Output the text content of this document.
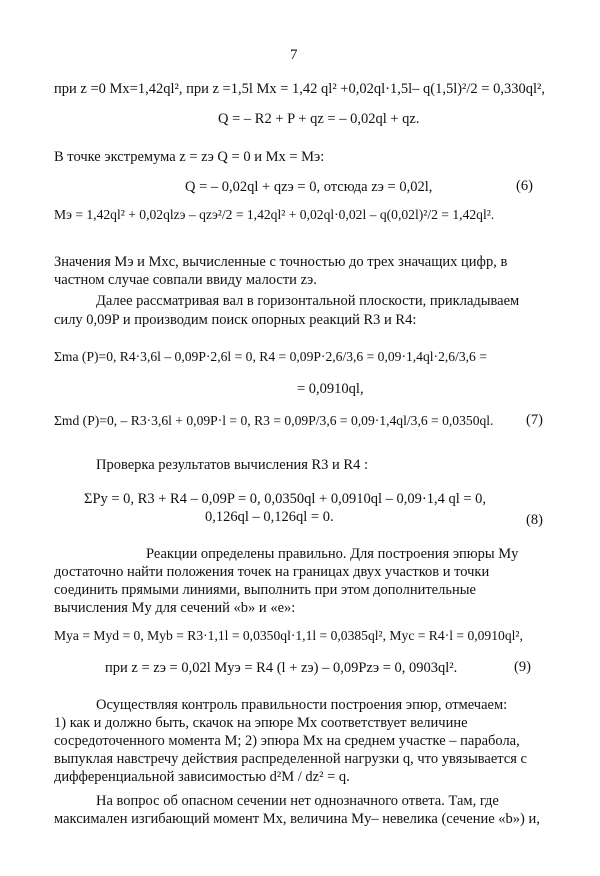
7
при z =0 Mx=1,42ql², при z =1,5l Mx = 1,42 ql² +0,02ql·1,5l– q(1,5l)²/2 = 0,330ql²,
Q = – R2 + P + qz = – 0,02ql + qz.
В точке экстремума z = zэ Q = 0 и Mx = Mэ:
Q = – 0,02ql + qzэ = 0, отсюда zэ = 0,02l,	(6)
Mэ = 1,42ql² + 0,02qlzэ – qzэ²/2 = 1,42ql² + 0,02ql·0,02l – q(0,02l)²/2 = 1,42ql².
Значения Mэ и Mxc, вычисленные с точностью до трех значащих цифр, в
частном случае совпали ввиду малости zэ.
Далее рассматривая вал в горизонтальной плоскости, прикладываем
силу 0,09P и производим поиск опорных реакций R3 и R4:
Σma (P)=0, R4·3,6l – 0,09P·2,6l = 0, R4 = 0,09P·2,6/3,6 = 0,09·1,4ql·2,6/3,6 =
= 0,0910ql,
Σmd (P)=0, – R3·3,6l + 0,09P·l = 0, R3 = 0,09P/3,6 = 0,09·1,4ql/3,6 = 0,0350ql. (7)
Проверка результатов вычисления R3 и R4 :
ΣPy = 0, R3 + R4 – 0,09P = 0, 0,0350ql + 0,0910ql – 0,09·1,4 ql = 0,
0,126ql – 0,126ql = 0.	(8)
Реакции определены правильно. Для построения эпюры My
достаточно найти положения точек на границах двух участков и точки
соединить прямыми линиями, выполнить при этом дополнительные
вычисления My для сечений «b» и «e»:
Mya = Myd = 0, Myb = R3·1,1l = 0,0350ql·1,1l = 0,0385ql², Myc = R4·l = 0,0910ql²,
при z = zэ = 0,02l Myэ = R4 (l + zэ) – 0,09Pzэ = 0, 0903ql².	(9)
Осуществляя контроль правильности построения эпюр, отмечаем:
1) как и должно быть, скачок на эпюре Mx соответствует величине
сосредоточенного момента M; 2) эпюра Mx на среднем участке – парабола,
выпуклая навстречу действия распределенной нагрузки q, что увязывается с
дифференциальной зависимостью d²M / dz² = q.
На вопрос об опасном сечении нет однозначного ответа. Там, где
максимален изгибающий момент Mx, величина My– невелика (сечение «b») и,
